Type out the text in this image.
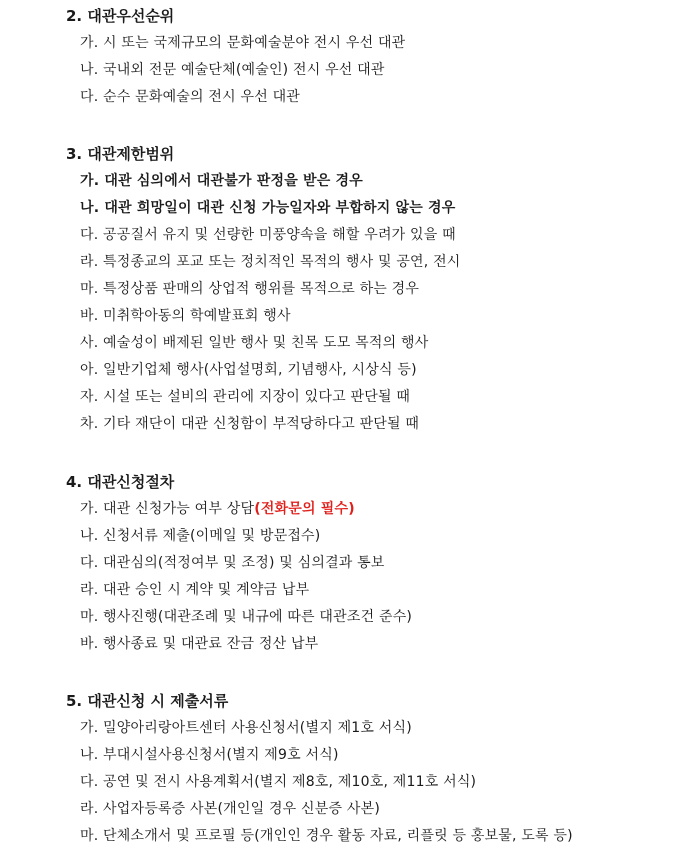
2. 대관우선순위
가. 시 또는 국제규모의 문화예술분야 전시 우선 대관
나. 국내외 전문 예술단체(예술인) 전시 우선 대관
다. 순수 문화예술의 전시 우선 대관
3. 대관제한범위
가. 대관 심의에서 대관불가 판정을 받은 경우
나. 대관 희망일이 대관 신청 가능일자와 부합하지 않는 경우
다. 공공질서 유지 및 선량한 미풍양속을 해할 우려가 있을 때
라. 특정종교의 포교 또는 정치적인 목적의 행사 및 공연, 전시
마. 특정상품 판매의 상업적 행위를 목적으로 하는 경우
바. 미취학아동의 학예발표회 행사
사. 예술성이 배제된 일반 행사 및 친목 도모 목적의 행사
아. 일반기업체 행사(사업설명회, 기념행사, 시상식 등)
자. 시설 또는 설비의 관리에 지장이 있다고 판단될 때
차. 기타 재단이 대관 신청함이 부적당하다고 판단될 때
4. 대관신청절차
가. 대관 신청가능 여부 상담(전화문의 필수)
나. 신청서류 제출(이메일 및 방문접수)
다. 대관심의(적정여부 및 조정) 및 심의결과 통보
라. 대관 승인 시 계약 및 계약금 납부
마. 행사진행(대관조례 및 내규에 따른 대관조건 준수)
바. 행사종료 및 대관료 잔금 정산 납부
5. 대관신청 시 제출서류
가. 밀양아리랑아트센터 사용신청서(별지 제1호 서식)
나. 부대시설사용신청서(별지 제9호 서식)
다. 공연 및 전시 사용계획서(별지 제8호, 제10호, 제11호 서식)
라. 사업자등록증 사본(개인일 경우 신분증 사본)
마. 단체소개서 및 프로필 등(개인인 경우 활동 자료, 리플릿 등 홍보물, 도록 등)
